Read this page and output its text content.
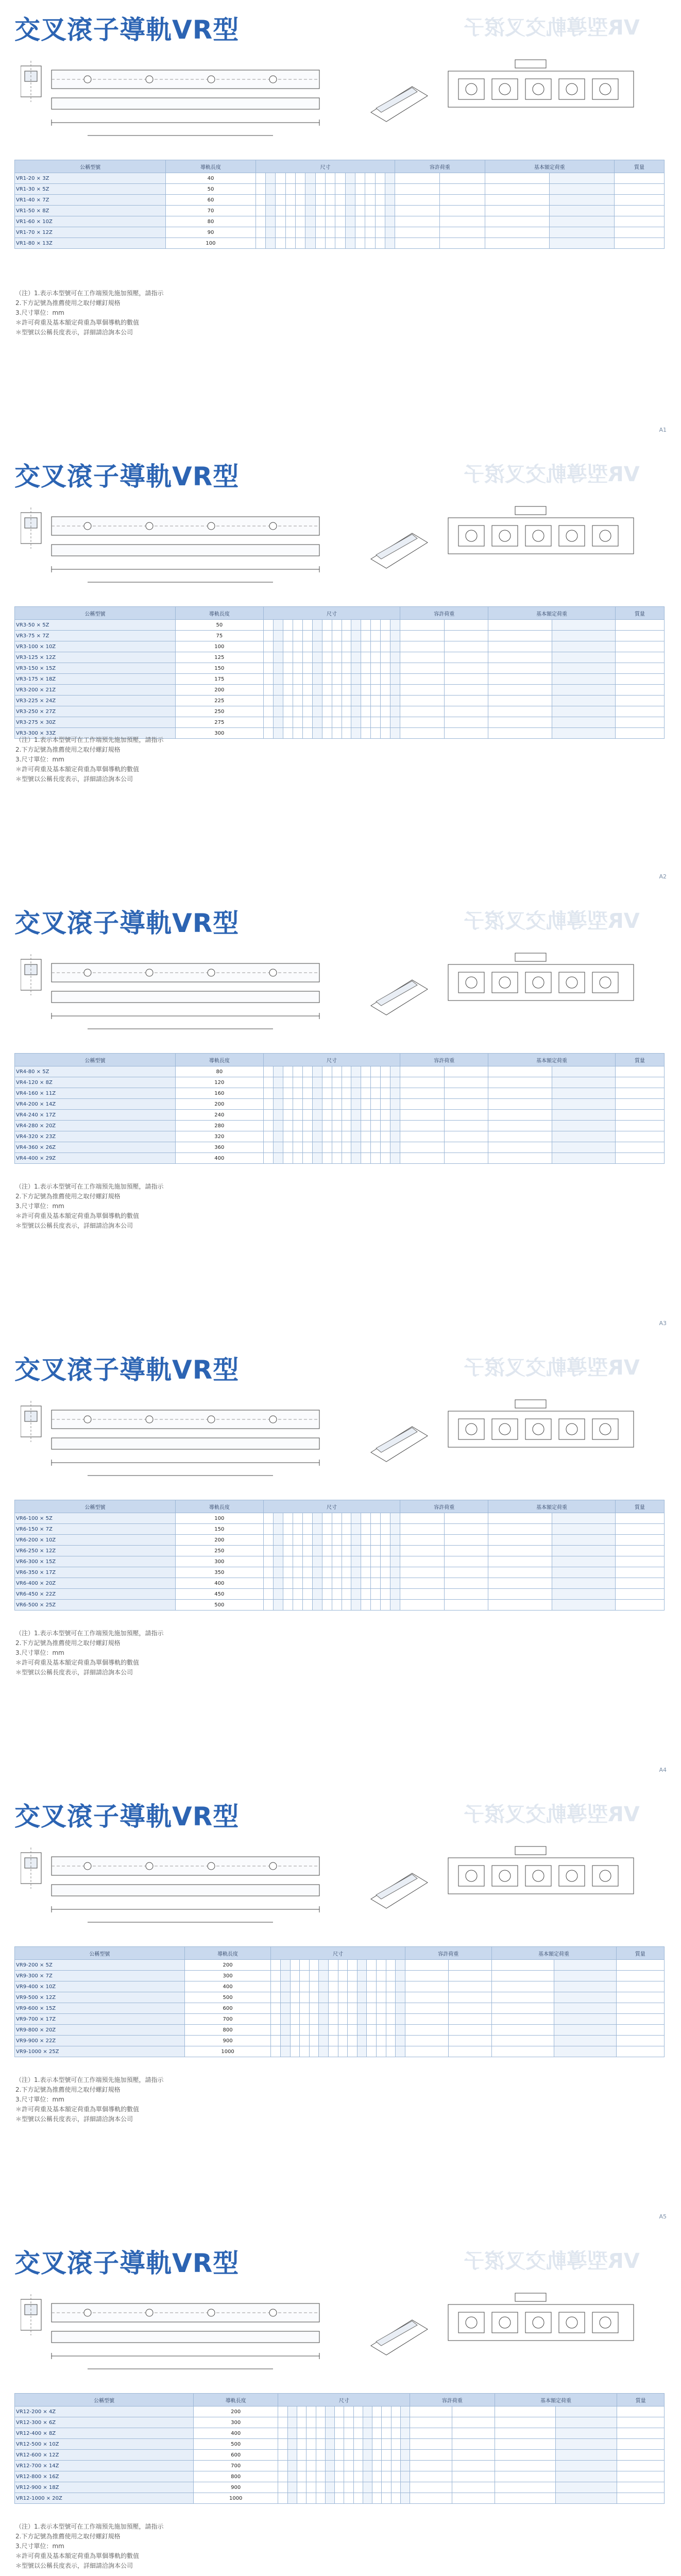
交叉滾子導軌VR型	VR型導軌交叉滾子
公稱型號	導軌長度	尺寸														容許荷重		基本額定荷重		質量
VR1-20 × 3Z	40																			
VR1-30 × 5Z	50																			
VR1-40 × 7Z	60																			
VR1-50 × 8Z	70																			
VR1-60 × 10Z	80																			
VR1-70 × 12Z	90																			
VR1-80 × 13Z	100																			
（注）1.表示本型號可在工作端預先施加預壓，請指示
2.下方記號為推薦使用之取付螺釘規格
3.尺寸單位：mm
＊許可荷重及基本額定荷重為單個導軌的數值
＊型號以公稱長度表示，詳細請洽詢本公司
A1
交叉滾子導軌VR型	VR型導軌交叉滾子
公稱型號	導軌長度	尺寸														容許荷重		基本額定荷重		質量
VR3-50 × 5Z	50																			
VR3-75 × 7Z	75																			
VR3-100 × 10Z	100																			
VR3-125 × 12Z	125																			
VR3-150 × 15Z	150																			
VR3-175 × 18Z	175																			
VR3-200 × 21Z	200																			
VR3-225 × 24Z	225																			
VR3-250 × 27Z	250																			
VR3-275 × 30Z	275																			
VR3-300 × 33Z	300																			
（注）1.表示本型號可在工作端預先施加預壓，請指示
2.下方記號為推薦使用之取付螺釘規格
3.尺寸單位：mm
＊許可荷重及基本額定荷重為單個導軌的數值
＊型號以公稱長度表示，詳細請洽詢本公司
A2
交叉滾子導軌VR型	VR型導軌交叉滾子
公稱型號	導軌長度	尺寸														容許荷重		基本額定荷重		質量
VR4-80 × 5Z	80																			
VR4-120 × 8Z	120																			
VR4-160 × 11Z	160																			
VR4-200 × 14Z	200																			
VR4-240 × 17Z	240																			
VR4-280 × 20Z	280																			
VR4-320 × 23Z	320																			
VR4-360 × 26Z	360																			
VR4-400 × 29Z	400																			
（注）1.表示本型號可在工作端預先施加預壓，請指示
2.下方記號為推薦使用之取付螺釘規格
3.尺寸單位：mm
＊許可荷重及基本額定荷重為單個導軌的數值
＊型號以公稱長度表示，詳細請洽詢本公司
A3
交叉滾子導軌VR型	VR型導軌交叉滾子
公稱型號	導軌長度	尺寸														容許荷重		基本額定荷重		質量
VR6-100 × 5Z	100																			
VR6-150 × 7Z	150																			
VR6-200 × 10Z	200																			
VR6-250 × 12Z	250																			
VR6-300 × 15Z	300																			
VR6-350 × 17Z	350																			
VR6-400 × 20Z	400																			
VR6-450 × 22Z	450																			
VR6-500 × 25Z	500																			
（注）1.表示本型號可在工作端預先施加預壓，請指示
2.下方記號為推薦使用之取付螺釘規格
3.尺寸單位：mm
＊許可荷重及基本額定荷重為單個導軌的數值
＊型號以公稱長度表示，詳細請洽詢本公司
A4
交叉滾子導軌VR型	VR型導軌交叉滾子
公稱型號	導軌長度	尺寸														容許荷重		基本額定荷重		質量
VR9-200 × 5Z	200																			
VR9-300 × 7Z	300																			
VR9-400 × 10Z	400																			
VR9-500 × 12Z	500																			
VR9-600 × 15Z	600																			
VR9-700 × 17Z	700																			
VR9-800 × 20Z	800																			
VR9-900 × 22Z	900																			
VR9-1000 × 25Z	1000																			
（注）1.表示本型號可在工作端預先施加預壓，請指示
2.下方記號為推薦使用之取付螺釘規格
3.尺寸單位：mm
＊許可荷重及基本額定荷重為單個導軌的數值
＊型號以公稱長度表示，詳細請洽詢本公司
A5
交叉滾子導軌VR型	VR型導軌交叉滾子
公稱型號	導軌長度	尺寸														容許荷重		基本額定荷重		質量
VR12-200 × 4Z	200																			
VR12-300 × 6Z	300																			
VR12-400 × 8Z	400																			
VR12-500 × 10Z	500																			
VR12-600 × 12Z	600																			
VR12-700 × 14Z	700																			
VR12-800 × 16Z	800																			
VR12-900 × 18Z	900																			
VR12-1000 × 20Z	1000																			
（注）1.表示本型號可在工作端預先施加預壓，請指示
2.下方記號為推薦使用之取付螺釘規格
3.尺寸單位：mm
＊許可荷重及基本額定荷重為單個導軌的數值
＊型號以公稱長度表示，詳細請洽詢本公司
